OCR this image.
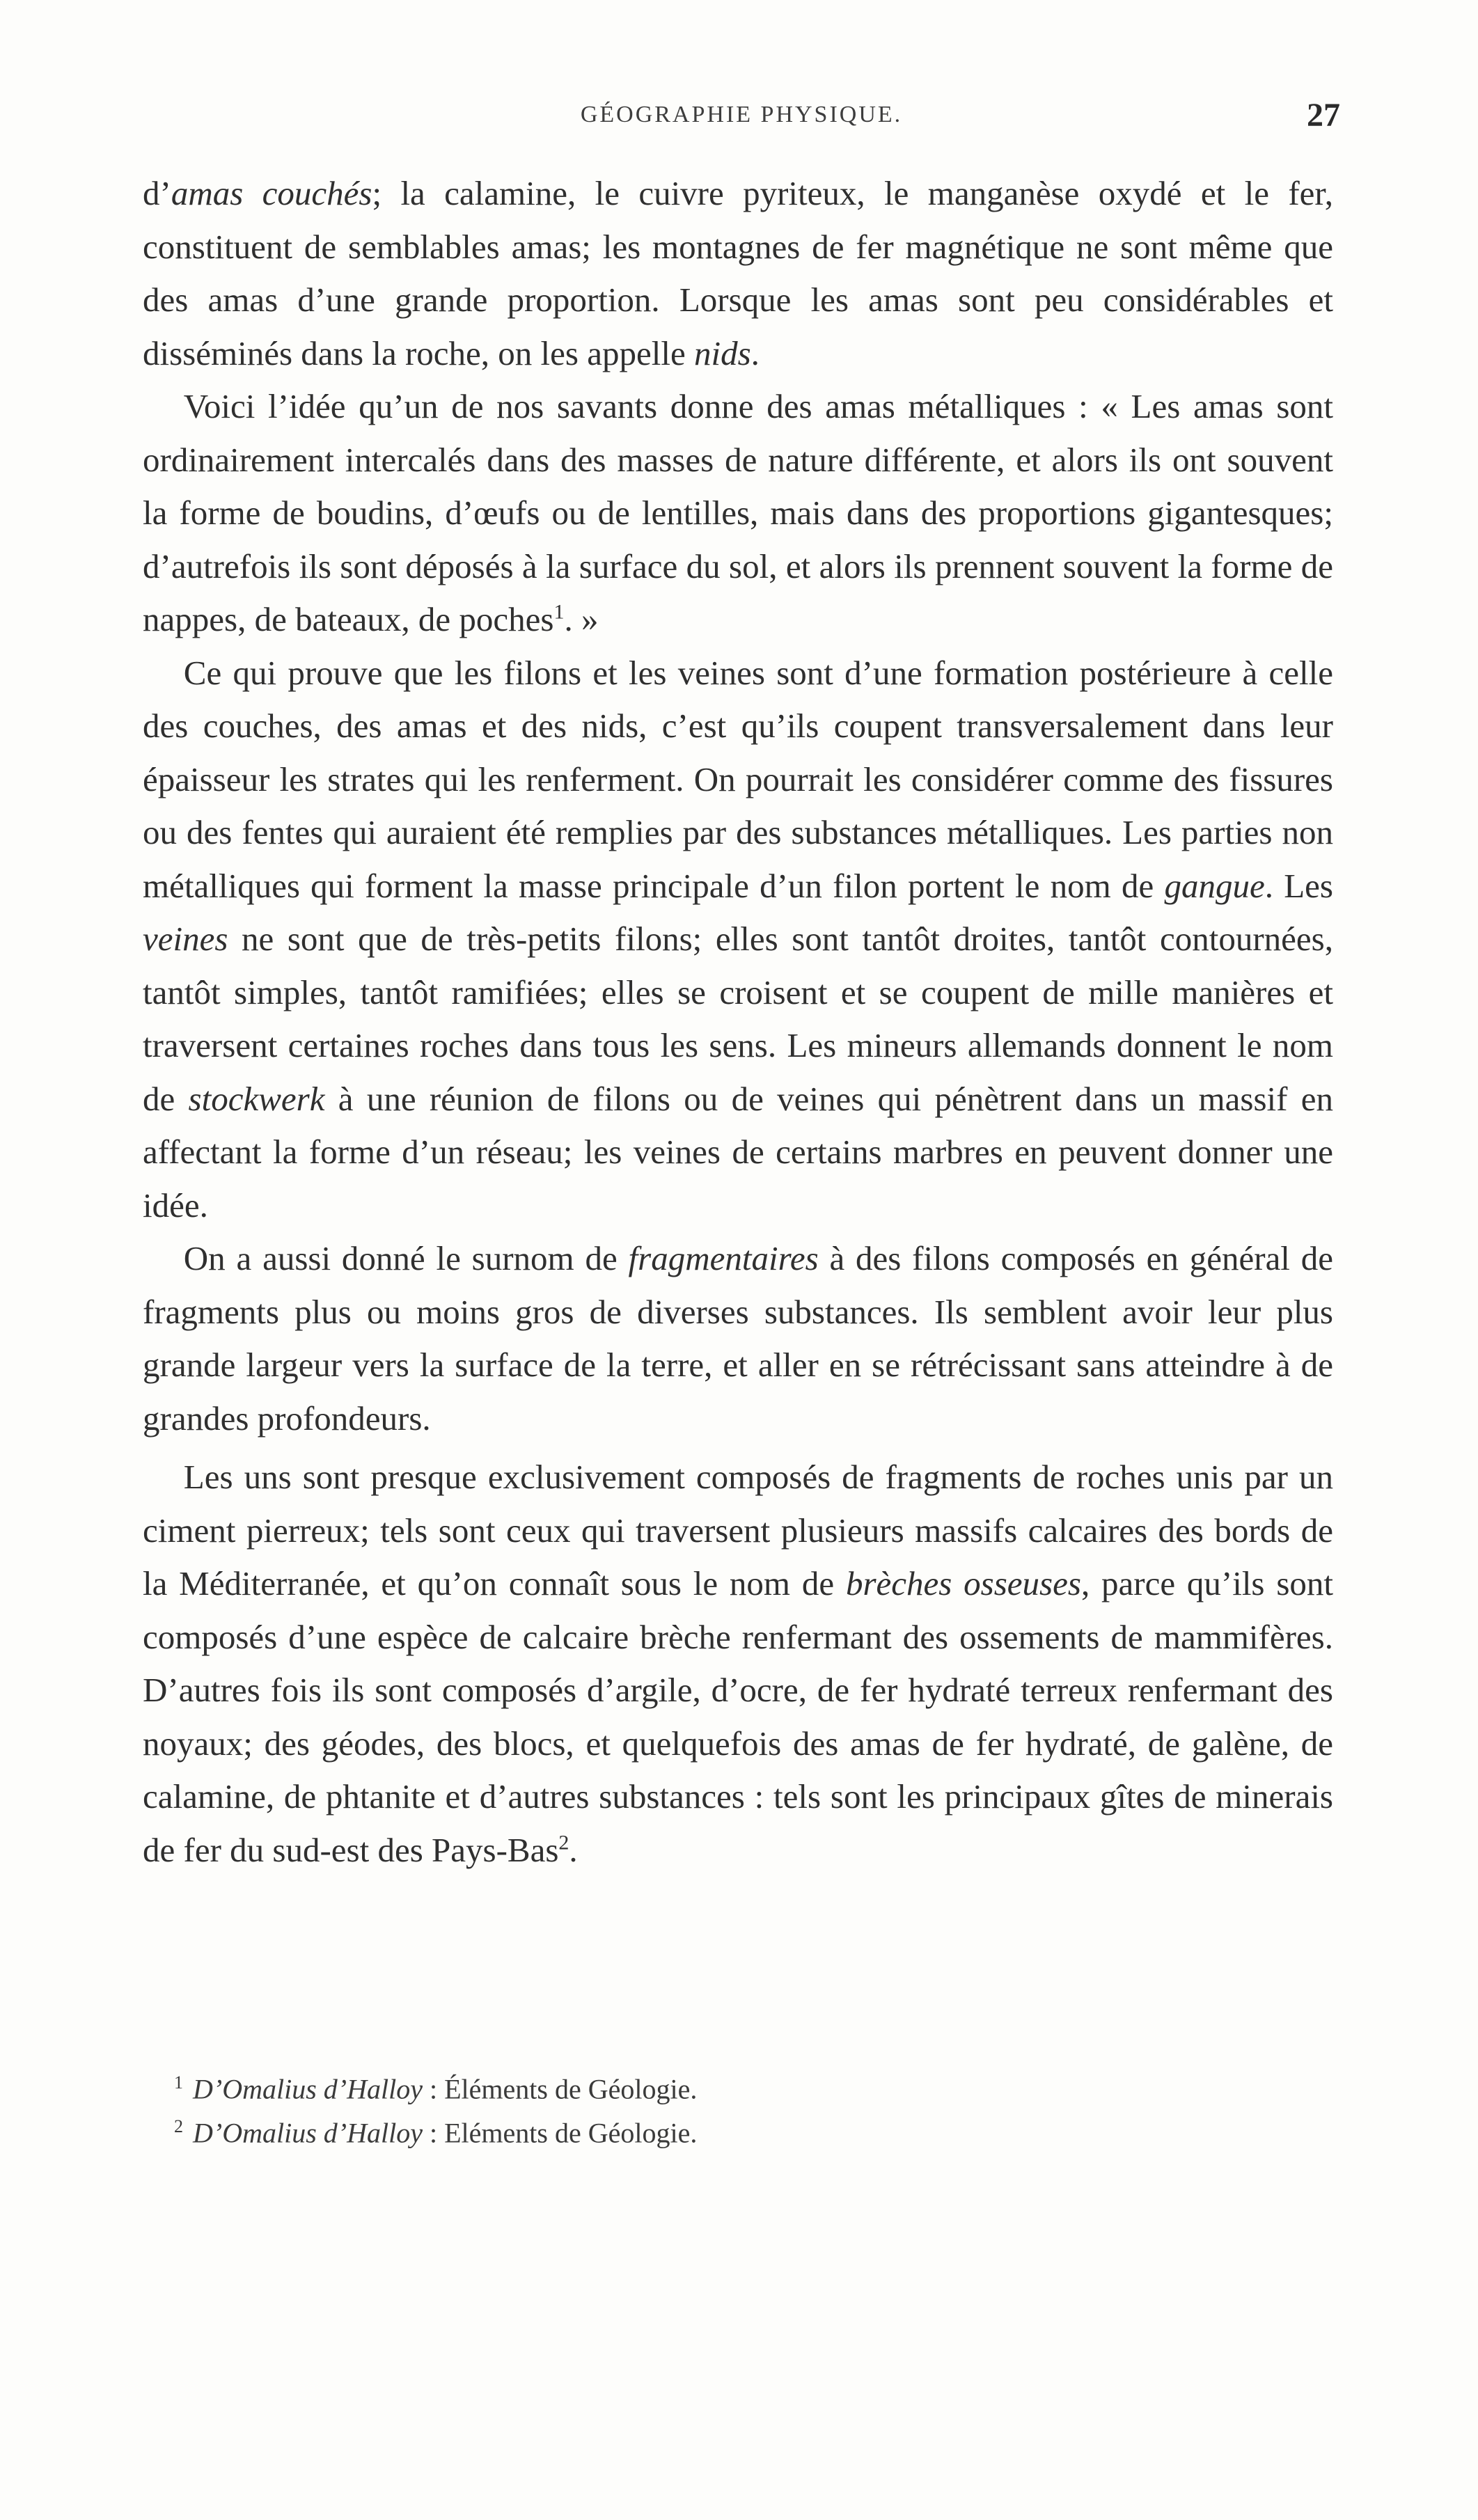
GÉOGRAPHIE PHYSIQUE.	27

d’amas couchés; la calamine, le cuivre pyriteux, le manganèse oxydé et le fer, constituent de semblables amas; les montagnes de fer magnétique ne sont même que des amas d’une grande proportion. Lorsque les amas sont peu considérables et disséminés dans la roche, on les appelle nids.

Voici l’idée qu’un de nos savants donne des amas métalliques : « Les amas sont ordinairement intercalés dans des masses de nature différente, et alors ils ont souvent la forme de boudins, d’œufs ou de lentilles, mais dans des proportions gigantesques; d’autrefois ils sont déposés à la surface du sol, et alors ils prennent souvent la forme de nappes, de bateaux, de poches$^1$. »

Ce qui prouve que les filons et les veines sont d’une formation postérieure à celle des couches, des amas et des nids, c’est qu’ils coupent transversalement dans leur épaisseur les strates qui les renferment. On pourrait les considérer comme des fissures ou des fentes qui auraient été remplies par des substances métalliques. Les parties non métalliques qui forment la masse principale d’un filon portent le nom de gangue. Les veines ne sont que de très-petits filons; elles sont tantôt droites, tantôt contournées, tantôt simples, tantôt ramifiées; elles se croisent et se coupent de mille manières et traversent certaines roches dans tous les sens. Les mineurs allemands donnent le nom de stockwerk à une réunion de filons ou de veines qui pénètrent dans un massif en affectant la forme d’un réseau; les veines de certains marbres en peuvent donner une idée.

On a aussi donné le surnom de fragmentaires à des filons composés en général de fragments plus ou moins gros de diverses substances. Ils semblent avoir leur plus grande largeur vers la surface de la terre, et aller en se rétrécissant sans atteindre à de grandes profondeurs.

Les uns sont presque exclusivement composés de fragments de roches unis par un ciment pierreux; tels sont ceux qui traversent plusieurs massifs calcaires des bords de la Méditerranée, et qu’on connaît sous le nom de brèches osseuses, parce qu’ils sont composés d’une espèce de calcaire brèche renfermant des ossements de mammifères. D’autres fois ils sont composés d’argile, d’ocre, de fer hydraté terreux renfermant des noyaux; des géodes, des blocs, et quelquefois des amas de fer hydraté, de galène, de calamine, de phtanite et d’autres substances : tels sont les principaux gîtes de minerais de fer du sud-est des Pays-Bas$^2$.

$^1$ D’Omalius d’Halloy : Éléments de Géologie.
$^2$ D’Omalius d’Halloy : Eléments de Géologie.
